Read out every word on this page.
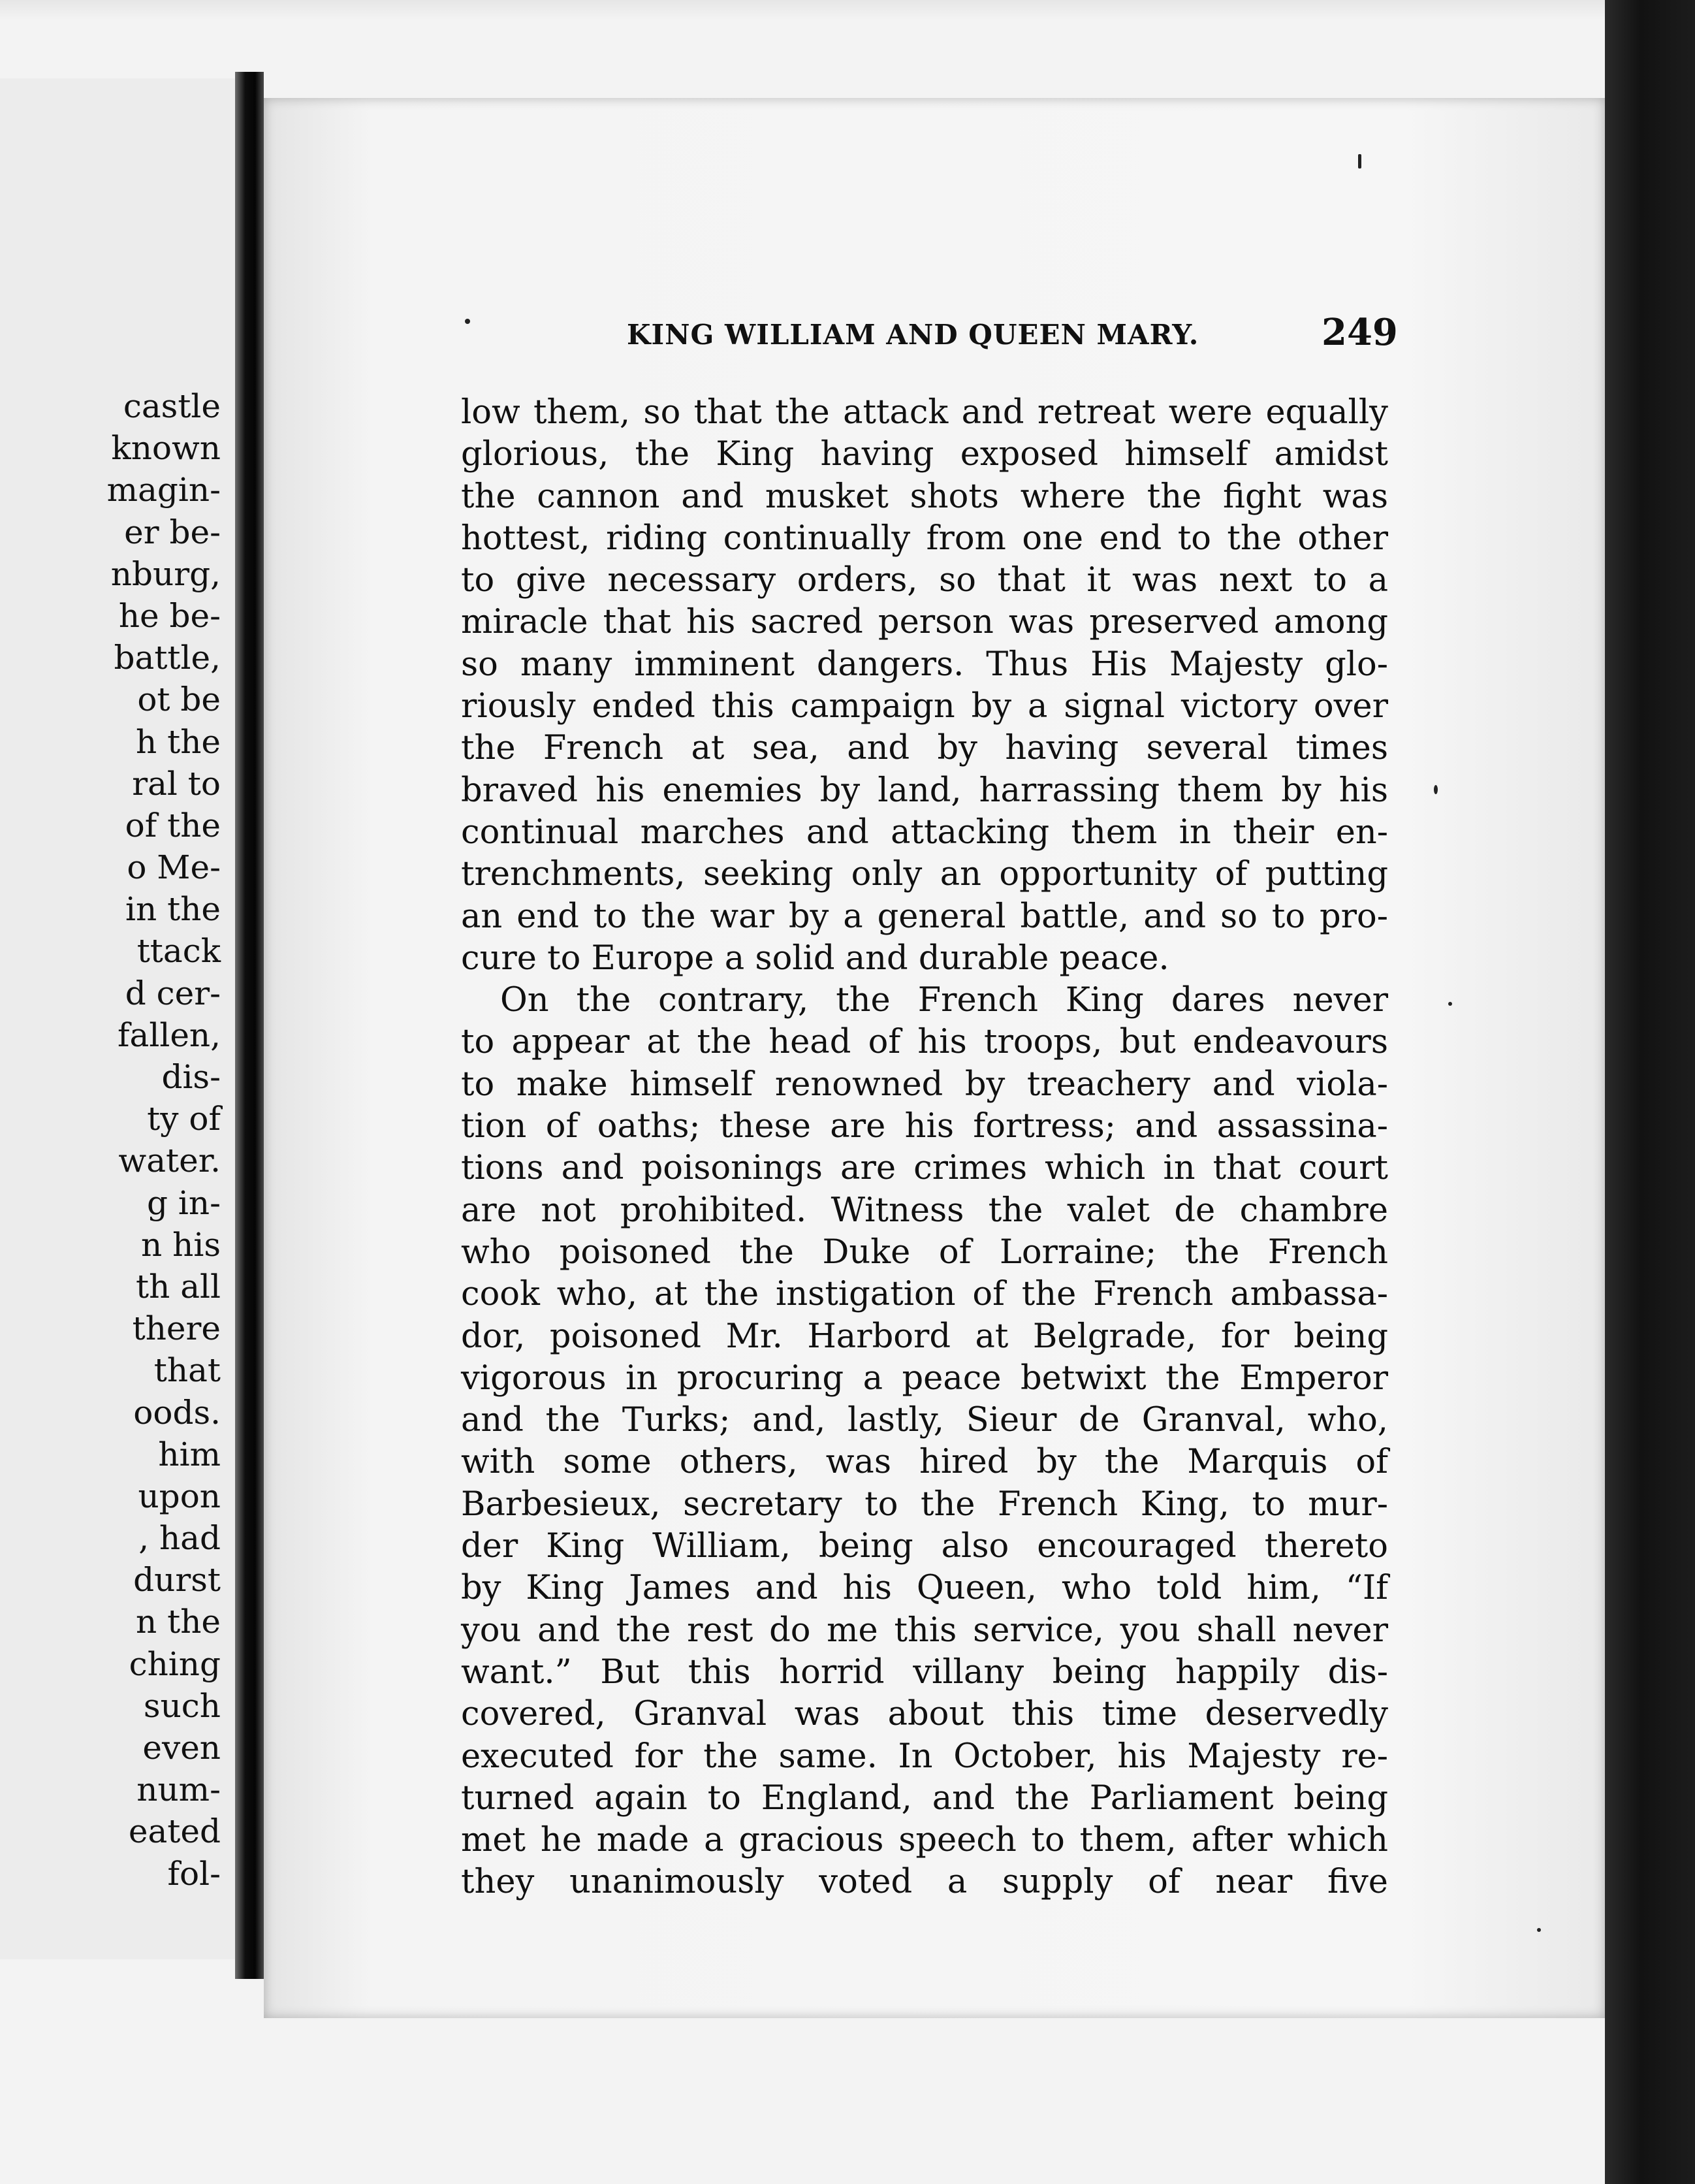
castle
known
magin-
er be-
nburg,
he be-
battle,
ot be
h the
ral to
of the
o Me-
in the
ttack
d cer-
fallen,
dis-
ty of
water.
g in-
n his
th all
there
that
oods.
him
upon
, had
durst
n the
ching
such
even
num-
eated
fol-
KING WILLIAM AND QUEEN MARY.	249
low them, so that the attack and retreat were equally
glorious, the King having exposed himself amidst
the cannon and musket shots where the fight was
hottest, riding continually from one end to the other
to give necessary orders, so that it was next to a
miracle that his sacred person was preserved among
so many imminent dangers. Thus His Majesty glo-
riously ended this campaign by a signal victory over
the French at sea, and by having several times
braved his enemies by land, harrassing them by his
continual marches and attacking them in their en-
trenchments, seeking only an opportunity of putting
an end to the war by a general battle, and so to pro-
cure to Europe a solid and durable peace.
On the contrary, the French King dares never
to appear at the head of his troops, but endeavours
to make himself renowned by treachery and viola-
tion of oaths; these are his fortress; and assassina-
tions and poisonings are crimes which in that court
are not prohibited. Witness the valet de chambre
who poisoned the Duke of Lorraine; the French
cook who, at the instigation of the French ambassa-
dor, poisoned Mr. Harbord at Belgrade, for being
vigorous in procuring a peace betwixt the Emperor
and the Turks; and, lastly, Sieur de Granval, who,
with some others, was hired by the Marquis of
Barbesieux, secretary to the French King, to mur-
der King William, being also encouraged thereto
by King James and his Queen, who told him, “If
you and the rest do me this service, you shall never
want.” But this horrid villany being happily dis-
covered, Granval was about this time deservedly
executed for the same. In October, his Majesty re-
turned again to England, and the Parliament being
met he made a gracious speech to them, after which
they unanimously voted a supply of near five
